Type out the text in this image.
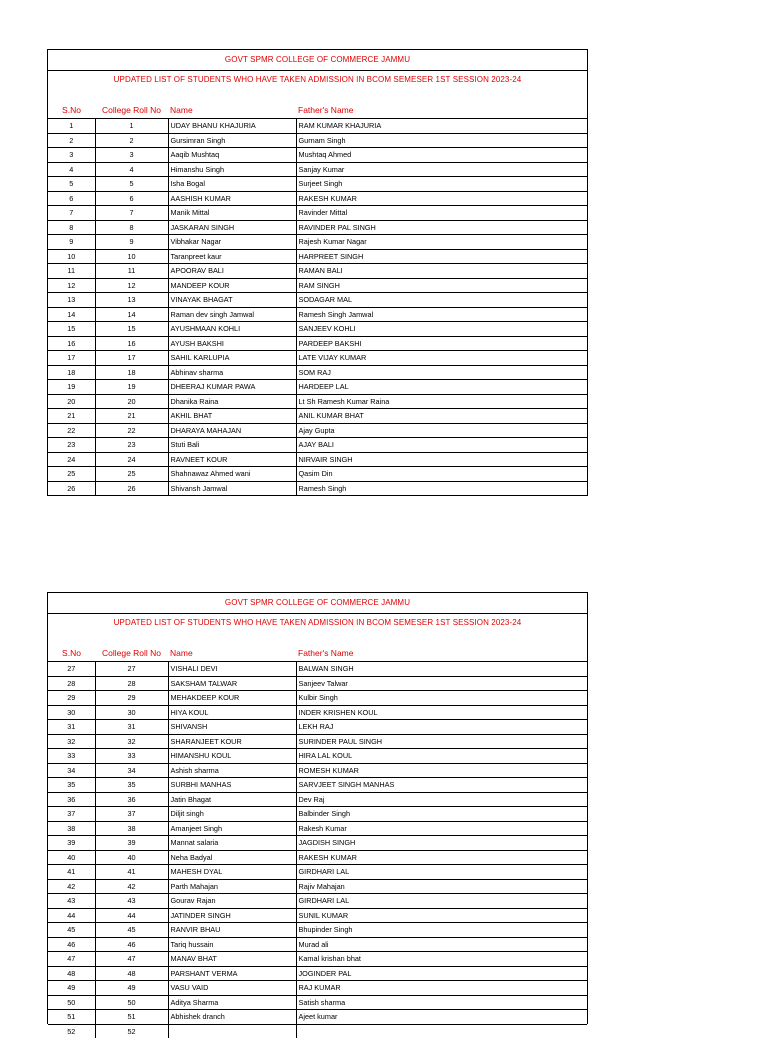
GOVT SPMR COLLEGE OF COMMERCE JAMMU
UPDATED LIST OF STUDENTS WHO HAVE TAKEN ADMISSION IN BCOM SEMESER 1ST SESSION 2023-24
S.No	College Roll No	Name	Father's Name
1	1	UDAY BHANU KHAJURIA	RAM KUMAR KHAJURIA
2	2	Gursimran Singh	Gurnam Singh
3	3	Aaqib Mushtaq	Mushtaq Ahmed
4	4	Himanshu Singh	Sanjay Kumar
5	5	Isha Bogal	Surjeet Singh
6	6	AASHISH KUMAR	RAKESH KUMAR
7	7	Manik Mittal	Ravinder Mittal
8	8	JASKARAN SINGH	RAVINDER PAL SINGH
9	9	Vibhakar Nagar	Rajesh Kumar Nagar
10	10	Taranpreet kaur	HARPREET SINGH
11	11	APOORAV BALI	RAMAN BALI
12	12	MANDEEP KOUR	RAM SINGH
13	13	VINAYAK BHAGAT	SODAGAR MAL
14	14	Raman dev singh Jamwal	Ramesh Singh Jamwal
15	15	AYUSHMAAN KOHLI	SANJEEV KOHLI
16	16	AYUSH BAKSHI	PARDEEP BAKSHI
17	17	SAHIL KARLUPIA	LATE VIJAY KUMAR
18	18	Abhinav sharma	SOM RAJ
19	19	DHEERAJ KUMAR PAWA	HARDEEP LAL
20	20	Dhanika Raina	Lt Sh Ramesh Kumar Raina
21	21	AKHIL BHAT	ANIL KUMAR BHAT
22	22	DHARAYA MAHAJAN	Ajay Gupta
23	23	Stuti Bali	AJAY BALI
24	24	RAVNEET KOUR	NIRVAIR SINGH
25	25	Shahnawaz Ahmed wani	Qasim Din
26	26	Shivansh Jamwal	Ramesh Singh
GOVT SPMR COLLEGE OF COMMERCE JAMMU
UPDATED LIST OF STUDENTS WHO HAVE TAKEN ADMISSION IN BCOM SEMESER 1ST SESSION 2023-24
S.No	College Roll No	Name	Father's Name
27	27	VISHALI DEVI	BALWAN SINGH
28	28	SAKSHAM TALWAR	Sanjeev Talwar
29	29	MEHAKDEEP KOUR	Kulbir Singh
30	30	HIYA KOUL	INDER KRISHEN KOUL
31	31	SHIVANSH	LEKH RAJ
32	32	SHARANJEET KOUR	SURINDER PAUL SINGH
33	33	HIMANSHU KOUL	HIRA LAL KOUL
34	34	Ashish sharma	ROMESH KUMAR
35	35	SURBHI MANHAS	SARVJEET SINGH MANHAS
36	36	Jatin Bhagat	Dev Raj
37	37	Diljit singh	Balbinder Singh
38	38	Amanjeet Singh	Rakesh Kumar
39	39	Mannat salaria	JAGDISH SINGH
40	40	Neha Badyal	RAKESH KUMAR
41	41	MAHESH DYAL	GIRDHARI LAL
42	42	Parth Mahajan	Rajiv Mahajan
43	43	Gourav Rajan	GIRDHARI LAL
44	44	JATINDER SINGH	SUNIL KUMAR
45	45	RANVIR BHAU	Bhupinder Singh
46	46	Tariq hussain	Murad ali
47	47	MANAV BHAT	Kamal krishan bhat
48	48	PARSHANT VERMA	JOGINDER PAL
49	49	VASU VAID	RAJ KUMAR
50	50	Aditya Sharma	Satish sharma
51	51	Abhishek dranch	Ajeet kumar
52	52		
